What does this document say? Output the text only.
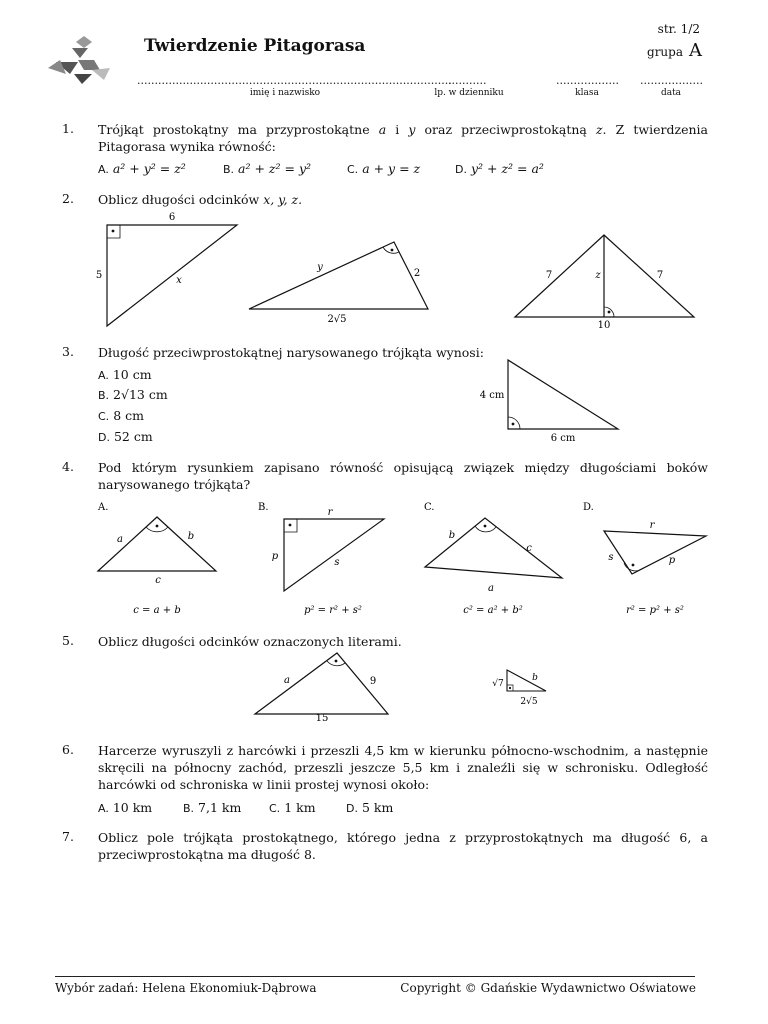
Twierdzenie Pitagorasa
str. 1/2
grupa A
..........................................................................................
imię i nazwisko
...........
lp. w dzienniku
..................
klasa
..................
data
1. Trójkąt prostokątny ma przyprostokątne a i y oraz przeciwprostokątną z. Z twierdzenia Pitagorasa wynika równość:
A. a² + y² = z²	B. a² + z² = y²	C. a + y = z	D. y² + z² = a²
2. Oblicz długości odcinków x, y, z.
6
5	x
y
2
2√5
7	z	7
10
3. Długość przeciwprostokątnej narysowanego trójkąta wynosi:
A. 10 cm
B. 2√13 cm
C. 8 cm
D. 52 cm
4 cm
6 cm
4. Pod którym rysunkiem zapisano równość opisującą związek między długościami boków narysowanego trójkąta?
A.
a	b
c
c = a + b
B.	r
p
s
p² = r² + s²
C.
b
c
a
c² = a² + b²
D.
r
s	p
r² = p² + s²
5. Oblicz długości odcinków oznaczonych literami.
a	9
15
√7
b
2√5
6. Harcerze wyruszyli z harcówki i przeszli 4,5 km w kierunku północno-wschodnim, a następnie skręcili na północny zachód, przeszli jeszcze 5,5 km i znaleźli się w schronisku. Odległość harcówki od schroniska w linii prostej wynosi około:
A. 10 km	B. 7,1 km	C. 1 km	D. 5 km
7. Oblicz pole trójkąta prostokątnego, którego jedna z przyprostokątnych ma długość 6, a przeciwprostokątna ma długość 8.
Wybór zadań: Helena Ekonomiuk-Dąbrowa	Copyright © Gdańskie Wydawnictwo Oświatowe
